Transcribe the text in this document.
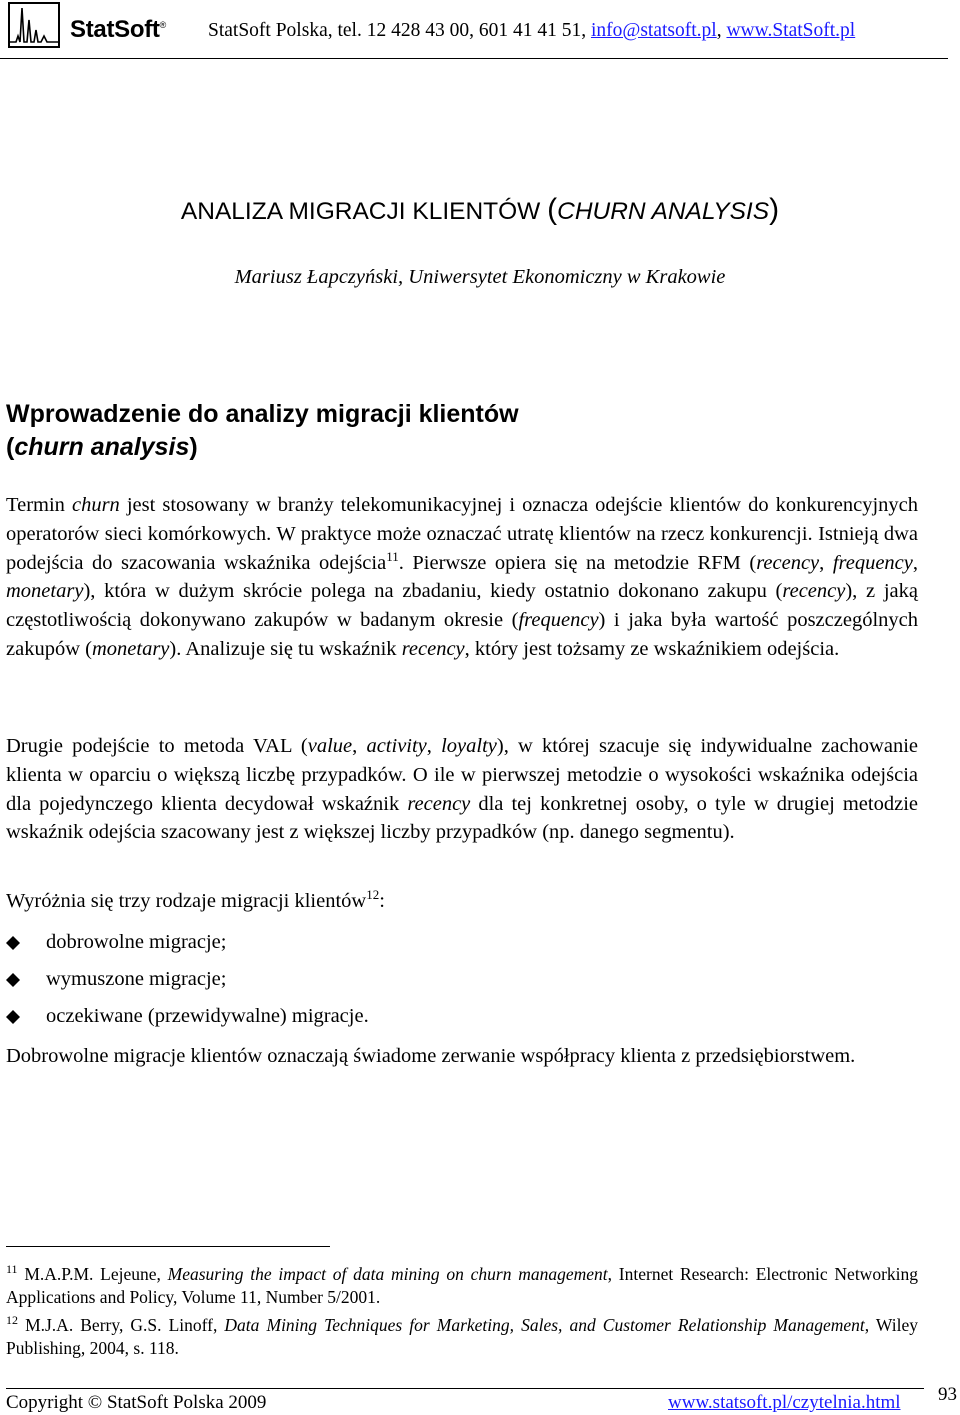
StatSoft® StatSoft Polska, tel. 12 428 43 00, 601 41 41 51, info@statsoft.pl, www.StatSoft.pl
ANALIZA MIGRACJI KLIENTÓW (CHURN ANALYSIS)
Mariusz Łapczyński, Uniwersytet Ekonomiczny w Krakowie
Wprowadzenie do analizy migracji klientów
(churn analysis)
Termin churn jest stosowany w branży telekomunikacyjnej i oznacza odejście klientów do konkurencyjnych operatorów sieci komórkowych. W praktyce może oznaczać utratę klientów na rzecz konkurencji. Istnieją dwa podejścia do szacowania wskaźnika odejścia$^{11}$. Pierwsze opiera się na metodzie RFM (recency, frequency, monetary), która w dużym skrócie polega na zbadaniu, kiedy ostatnio dokonano zakupu (recency), z jaką częstotliwością dokonywano zakupów w badanym okresie (frequency) i jaka była wartość poszczególnych zakupów (monetary). Analizuje się tu wskaźnik recency, który jest tożsamy ze wskaźnikiem odejścia.
Drugie podejście to metoda VAL (value, activity, loyalty), w której szacuje się indywidualne zachowanie klienta w oparciu o większą liczbę przypadków. O ile w pierwszej metodzie o wysokości wskaźnika odejścia dla pojedynczego klienta decydował wskaźnik recency dla tej konkretnej osoby, o tyle w drugiej metodzie wskaźnik odejścia szacowany jest z większej liczby przypadków (np. danego segmentu).
Wyróżnia się trzy rodzaje migracji klientów$^{12}$:
dobrowolne migracje;
wymuszone migracje;
oczekiwane (przewidywalne) migracje.
Dobrowolne migracje klientów oznaczają świadome zerwanie współpracy klienta z przedsiębiorstwem.
$^{11}$ M.A.P.M. Lejeune, Measuring the impact of data mining on churn management, Internet Research: Electronic Networking Applications and Policy, Volume 11, Number 5/2001.
$^{12}$ M.J.A. Berry, G.S. Linoff, Data Mining Techniques for Marketing, Sales, and Customer Relationship Management, Wiley Publishing, 2004, s. 118.
Copyright © StatSoft Polska 2009	www.statsoft.pl/czytelnia.html 93
